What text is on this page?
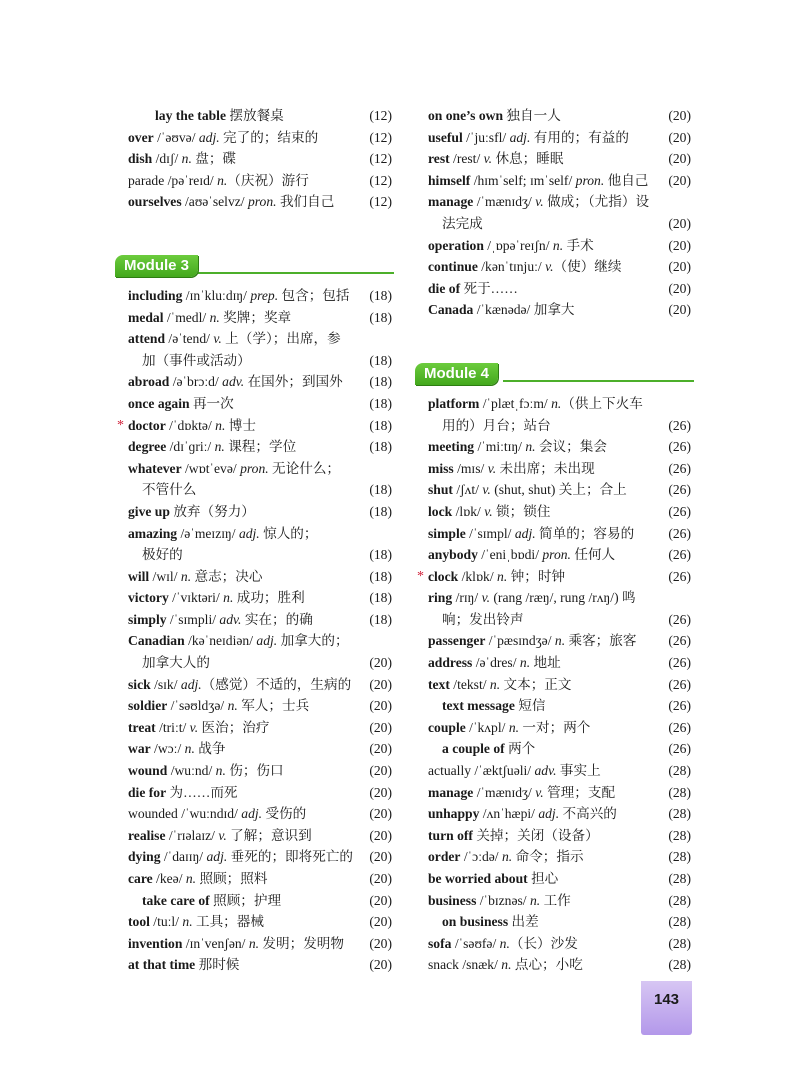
lay the table 摆放餐桌	(12)
over /ˈəʊvə/ adj. 完了的；结束的	(12)
dish /dɪʃ/ n. 盘；碟	(12)
parade /pəˈreɪd/ n.（庆祝）游行	(12)
ourselves /aʊəˈselvz/ pron. 我们自己	(12)
Module 3
including /ɪnˈkluːdɪŋ/ prep. 包含；包括 (18)
medal /ˈmedl/ n. 奖牌；奖章	(18)
attend /əˈtend/ v. 上（学）；出席，参
加（事件或活动）	(18)
abroad /əˈbrɔːd/ adv. 在国外；到国外 (18)
once again 再一次	(18)
* doctor /ˈdɒktə/ n. 博士	(18)
degree /dɪˈɡriː/ n. 课程；学位	(18)
whatever /wɒtˈevə/ pron. 无论什么；
不管什么	(18)
give up 放弃（努力）	(18)
amazing /əˈmeɪzɪŋ/ adj. 惊人的；
极好的	(18)
will /wɪl/ n. 意志；决心	(18)
victory /ˈvɪktəri/ n. 成功；胜利	(18)
simply /ˈsɪmpli/ adv. 实在；的确	(18)
Canadian /kəˈneɪdiən/ adj. 加拿大的；
加拿大人的	(20)
sick /sɪk/ adj.（感觉）不适的，生病的 (20)
soldier /ˈsəʊldʒə/ n. 军人；士兵	(20)
treat /triːt/ v. 医治；治疗	(20)
war /wɔː/ n. 战争	(20)
wound /wuːnd/ n. 伤；伤口	(20)
die for 为……而死	(20)
wounded /ˈwuːndɪd/ adj. 受伤的	(20)
realise /ˈrɪəlaɪz/ v. 了解；意识到	(20)
dying /ˈdaɪɪŋ/ adj. 垂死的；即将死亡的 (20)
care /keə/ n. 照顾；照料	(20)
take care of 照顾；护理	(20)
tool /tuːl/ n. 工具；器械	(20)
invention /ɪnˈvenʃən/ n. 发明；发明物 (20)
at that time 那时候	(20)
on one’s own 独自一人	(20)
useful /ˈjuːsfl/ adj. 有用的；有益的	(20)
rest /rest/ v. 休息；睡眠	(20)
himself /hɪmˈself; ɪmˈself/ pron. 他自己 (20)
manage /ˈmænɪdʒ/ v. 做成；（尤指）设
法完成	(20)
operation /ˌɒpəˈreɪʃn/ n. 手术	(20)
continue /kənˈtɪnjuː/ v.（使）继续	(20)
die of 死于……	(20)
Canada /ˈkænədə/ 加拿大	(20)
Module 4
platform /ˈplætˌfɔːm/ n.（供上下火车
用的）月台；站台	(26)
meeting /ˈmiːtɪŋ/ n. 会议；集会	(26)
miss /mɪs/ v. 未出席；未出现	(26)
shut /ʃʌt/ v. (shut, shut) 关上；合上	(26)
lock /lɒk/ v. 锁；锁住	(26)
simple /ˈsɪmpl/ adj. 简单的；容易的	(26)
anybody /ˈeniˌbɒdi/ pron. 任何人	(26)
* clock /klɒk/ n. 钟；时钟	(26)
ring /rɪŋ/ v. (rang /ræŋ/, rung /rʌŋ/) 鸣
响；发出铃声	(26)
passenger /ˈpæsɪndʒə/ n. 乘客；旅客 (26)
address /əˈdres/ n. 地址	(26)
text /tekst/ n. 文本；正文	(26)
text message 短信	(26)
couple /ˈkʌpl/ n. 一对；两个	(26)
a couple of 两个	(26)
actually /ˈæktʃuəli/ adv. 事实上	(28)
manage /ˈmænɪdʒ/ v. 管理；支配	(28)
unhappy /ʌnˈhæpi/ adj. 不高兴的	(28)
turn off 关掉；关闭（设备）	(28)
order /ˈɔːdə/ n. 命令；指示	(28)
be worried about 担心	(28)
business /ˈbɪznəs/ n. 工作	(28)
on business 出差	(28)
sofa /ˈsəʊfə/ n.（长）沙发	(28)
snack /snæk/ n. 点心；小吃	(28)
143
